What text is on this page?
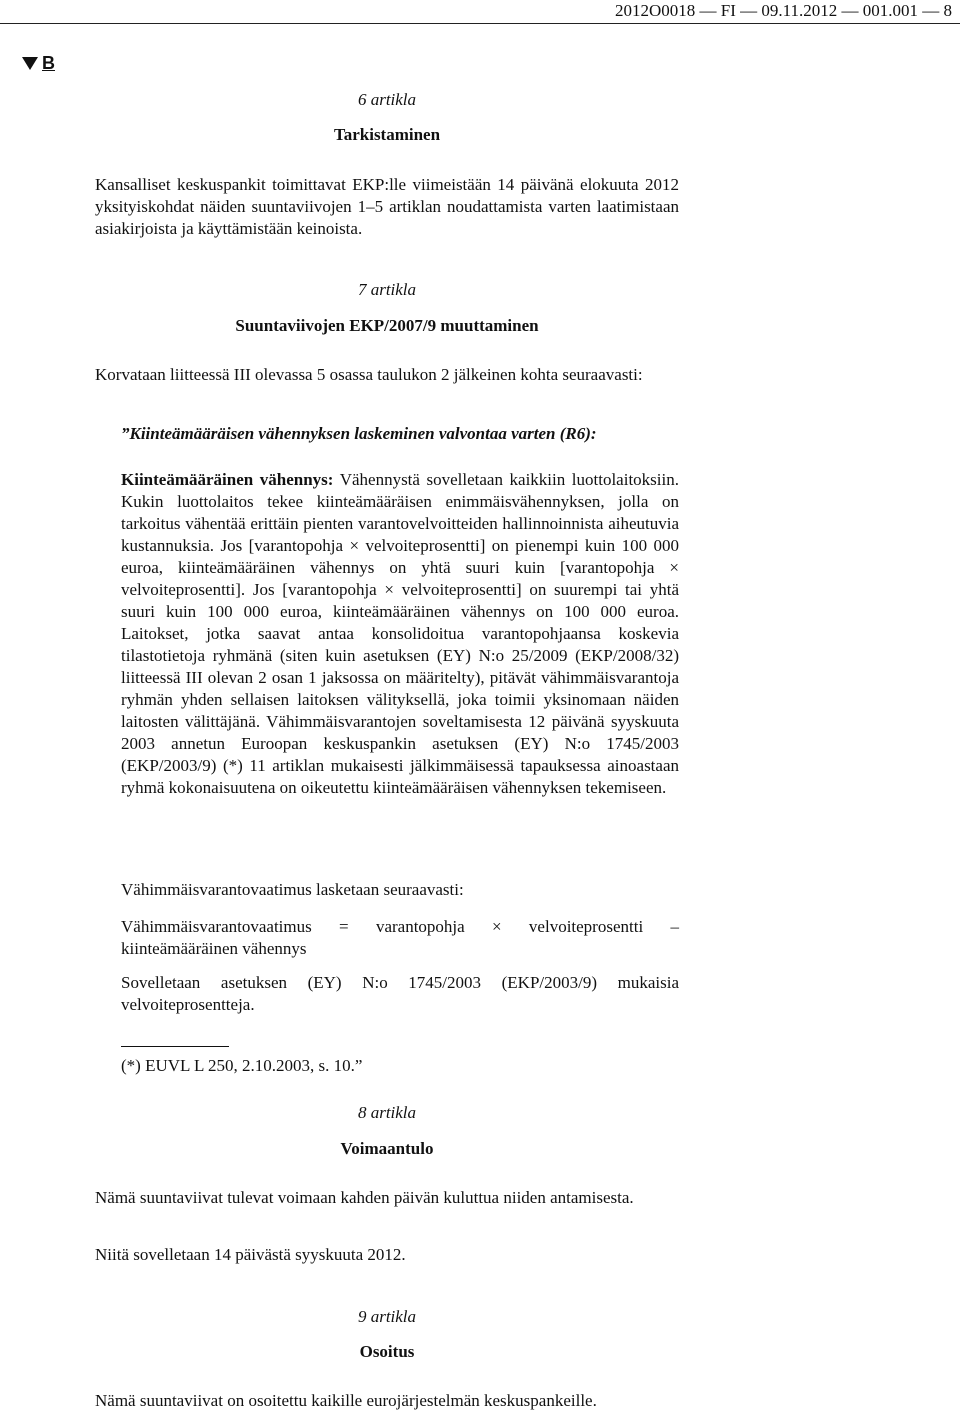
2012O0018 — FI — 09.11.2012 — 001.001 — 8
B
6 artikla
Tarkistaminen

Kansalliset keskuspankit toimittavat EKP:lle viimeistään 14 päivänä elokuuta 2012 yksityiskohdat näiden suuntaviivojen 1–5 artiklan noudattamista varten laatimistaan asiakirjoista ja käyttämistään keinoista.

7 artikla
Suuntaviivojen EKP/2007/9 muuttaminen

Korvataan liitteessä III olevassa 5 osassa taulukon 2 jälkeinen kohta seuraavasti:

”Kiinteämääräisen vähennyksen laskeminen valvontaa varten (R6):

Kiinteämääräinen vähennys: Vähennystä sovelletaan kaikkiin luottolaitoksiin. Kukin luottolaitos tekee kiinteämääräisen enimmäisvähennyksen, jolla on tarkoitus vähentää erittäin pienten varantovelvoitteiden hallinnoinnista aiheutuvia kustannuksia. Jos [varantopohja × velvoiteprosentti] on pienempi kuin 100 000 euroa, kiinteämääräinen vähennys on yhtä suuri kuin [varantopohja × velvoiteprosentti]. Jos [varantopohja × velvoiteprosentti] on suurempi tai yhtä suuri kuin 100 000 euroa, kiinteämääräinen vähennys on 100 000 euroa. Laitokset, jotka saavat antaa konsolidoitua varantopohjaansa koskevia tilastotietoja ryhmänä (siten kuin asetuksen (EY) N:o 25/2009 (EKP/2008/32) liitteessä III olevan 2 osan 1 jaksossa on määritelty), pitävät vähimmäisvarantoja ryhmän yhden sellaisen laitoksen välityksellä, joka toimii yksinomaan näiden laitosten välittäjänä. Vähimmäisvarantojen soveltamisesta 12 päivänä syyskuuta 2003 annetun Euroopan keskuspankin asetuksen (EY) N:o 1745/2003 (EKP/2003/9) (*) 11 artiklan mukaisesti jälkimmäisessä tapauksessa ainoastaan ryhmä kokonaisuutena on oikeutettu kiinteämääräisen vähennyksen tekemiseen.

Vähimmäisvarantovaatimus lasketaan seuraavasti:

Vähimmäisvarantovaatimus = varantopohja × velvoiteprosentti – kiinteämääräinen vähennys

Sovelletaan asetuksen (EY) N:o 1745/2003 (EKP/2003/9) mukaisia velvoiteprosentteja.

(*) EUVL L 250, 2.10.2003, s. 10.”

8 artikla
Voimaantulo

Nämä suuntaviivat tulevat voimaan kahden päivän kuluttua niiden antamisesta.

Niitä sovelletaan 14 päivästä syyskuuta 2012.

9 artikla
Osoitus

Nämä suuntaviivat on osoitettu kaikille eurojärjestelmän keskuspankeille.
